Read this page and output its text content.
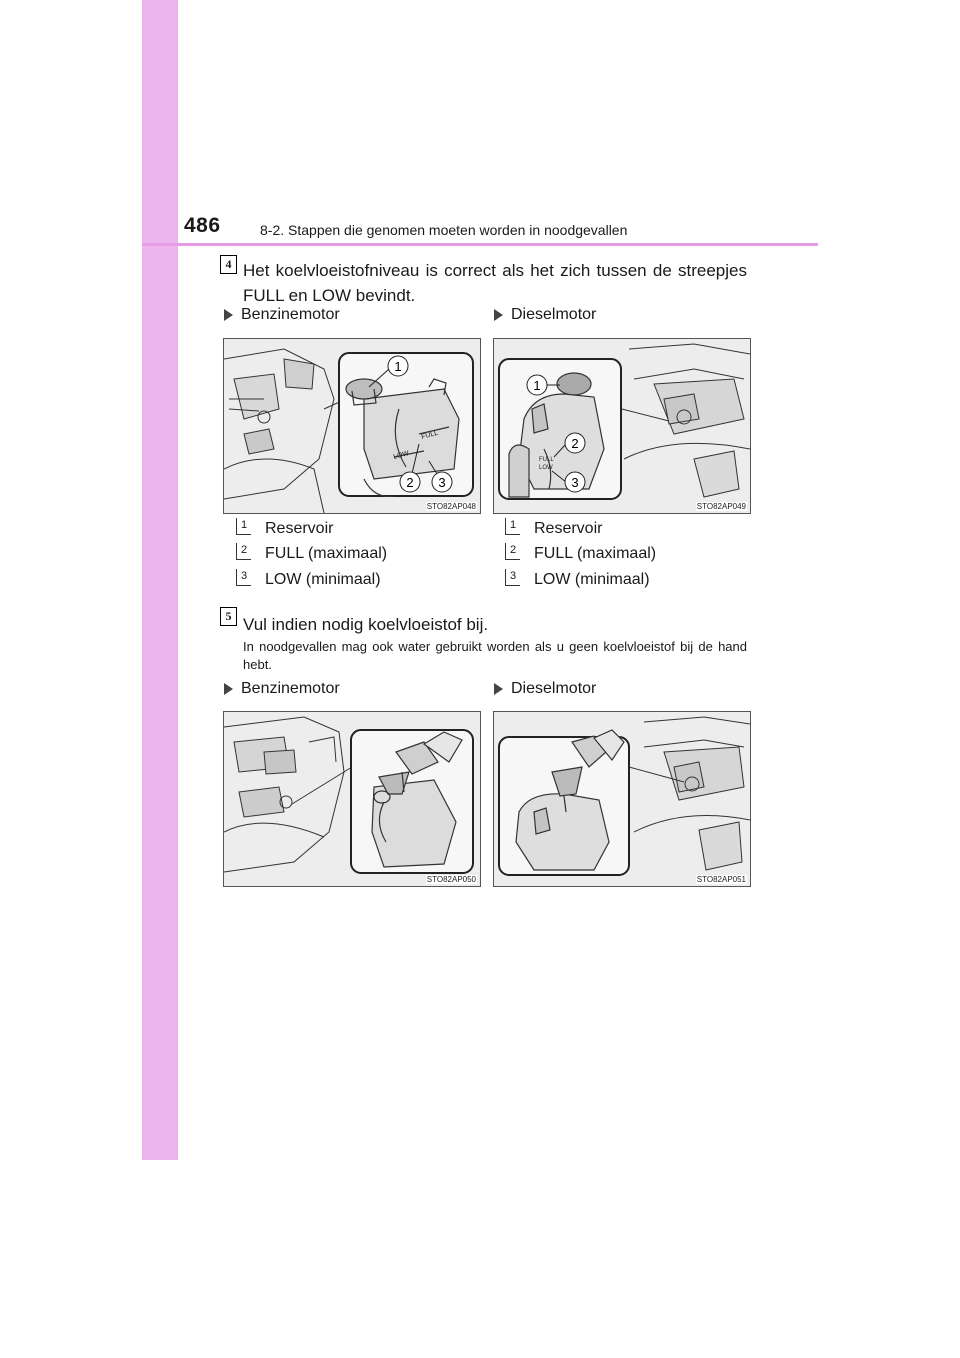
486	8-2. Stappen die genomen moeten worden in noodgevallen
4 Het koelvloeistofniveau is correct als het zich tussen de streepjes FULL en LOW bevindt.
Benzinemotor	Dieselmotor
FULL
LOW
1
2 3
STO82AP048
FULL
LOW
1
2
3
STO82AP049
1 Reservoir
2 FULL (maximaal)
3 LOW (minimaal)
1 Reservoir
2 FULL (maximaal)
3 LOW (minimaal)
5 Vul indien nodig koelvloeistof bij.
In noodgevallen mag ook water gebruikt worden als u geen koelvloeistof bij de hand hebt.
Benzinemotor	Dieselmotor
STO82AP050	STO82AP051
